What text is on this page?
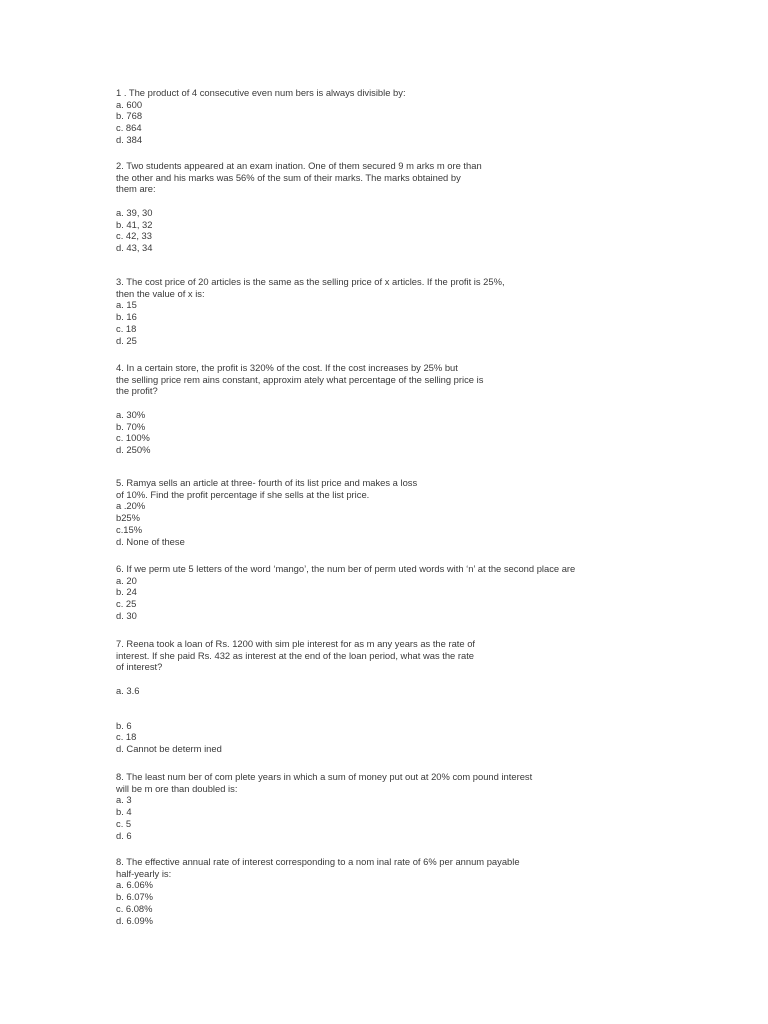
1 . The product of 4 consecutive even num bers is always divisible by:
a. 600
b. 768
c. 864
d. 384
2. Two students appeared at an exam ination. One of them secured 9 m arks m ore than
the other and his marks was 56% of the sum of their marks. The marks obtained by
them are:
a. 39, 30
b. 41, 32
c. 42, 33
d. 43, 34
3. The cost price of 20 articles is the same as the selling price of x articles. If the profit is 25%,
then the value of x is:
a. 15
b. 16
c. 18
d. 25
4. In a certain store, the profit is 320% of the cost. If the cost increases by 25% but
the selling price rem ains constant, approxim ately what percentage of the selling price is
the profit?
a. 30%
b. 70%
c. 100%
d. 250%
5. Ramya sells an article at three- fourth of its list price and makes a loss
of 10%. Find the profit percentage if she sells at the list price.
a .20%
b25%
c.15%
d. None of these
6. If we perm ute 5 letters of the word ‘mango’, the num ber of perm uted words with ‘n’ at the second place are
a. 20
b. 24
c. 25
d. 30
7. Reena took a loan of Rs. 1200 with sim ple interest for as m any years as the rate of
interest. If she paid Rs. 432 as interest at the end of the loan period, what was the rate
of interest?
a. 3.6
b. 6
c. 18
d. Cannot be determ ined
8. The least num ber of com plete years in which a sum of money put out at 20% com pound interest
will be m ore than doubled is:
a. 3
b. 4
c. 5
d. 6
8. The effective annual rate of interest corresponding to a nom inal rate of 6% per annum payable
half-yearly is:
a. 6.06%
b. 6.07%
c. 6.08%
d. 6.09%
